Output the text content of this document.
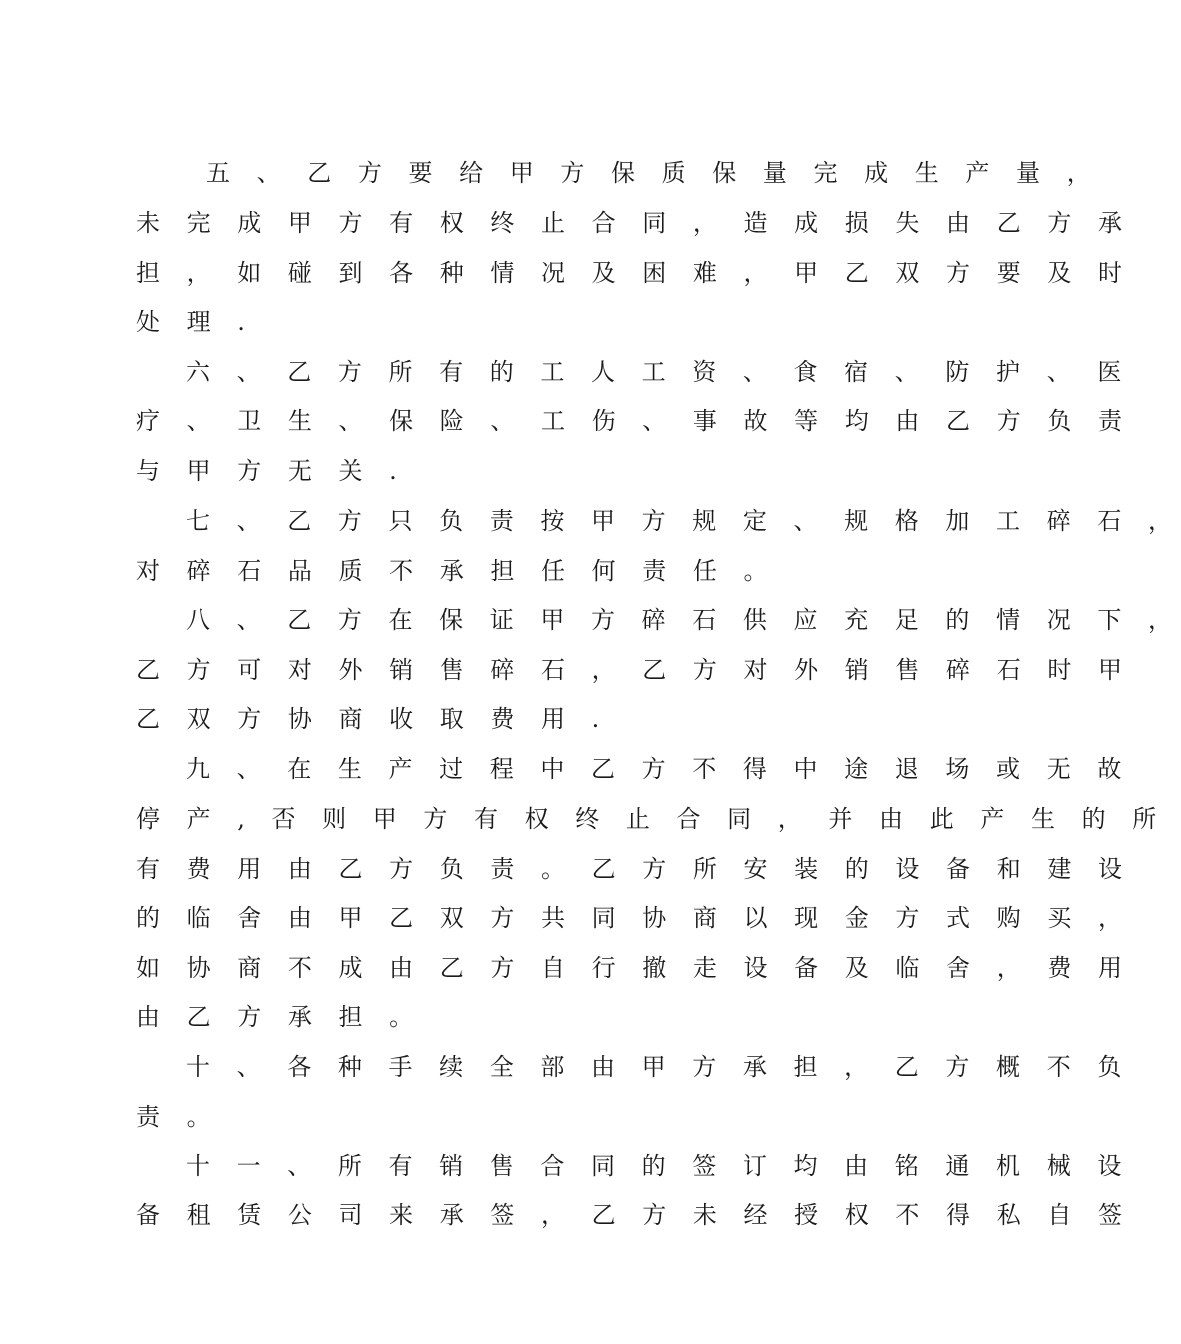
五 、 乙 方 要 给 甲 方 保 质 保 量 完 成 生 产 量 ，
未 完 成 甲 方 有 权 终 止 合 同 ， 造 成 损 失 由 乙 方 承
担 ， 如 碰 到 各 种 情 况 及 困 难 ， 甲 乙 双 方 要 及 时
处 理 .
六 、 乙 方 所 有 的 工 人 工 资 、 食 宿 、 防 护 、 医
疗 、 卫 生 、 保 险 、 工 伤 、 事 故 等 均 由 乙 方 负 责
与 甲 方 无 关 .
七 、 乙 方 只 负 责 按 甲 方 规 定 、 规 格 加 工 碎 石 ，
对 碎 石 品 质 不 承 担 任 何 责 任 。
八 、 乙 方 在 保 证 甲 方 碎 石 供 应 充 足 的 情 况 下 ，
乙 方 可 对 外 销 售 碎 石 ， 乙 方 对 外 销 售 碎 石 时 甲
乙 双 方 协 商 收 取 费 用 .
九 、 在 生 产 过 程 中 乙 方 不 得 中 途 退 场 或 无 故
停 产 , 否 则 甲 方 有 权 终 止 合 同 ， 并 由 此 产 生 的 所
有 费 用 由 乙 方 负 责 。 乙 方 所 安 装 的 设 备 和 建 设
的 临 舍 由 甲 乙 双 方 共 同 协 商 以 现 金 方 式 购 买 ，
如 协 商 不 成 由 乙 方 自 行 撤 走 设 备 及 临 舍 ， 费 用
由 乙 方 承 担 。
十 、 各 种 手 续 全 部 由 甲 方 承 担 ， 乙 方 概 不 负
责 。
十 一 、 所 有 销 售 合 同 的 签 订 均 由 铭 通 机 械 设
备 租 赁 公 司 来 承 签 ， 乙 方 未 经 授 权 不 得 私 自 签
